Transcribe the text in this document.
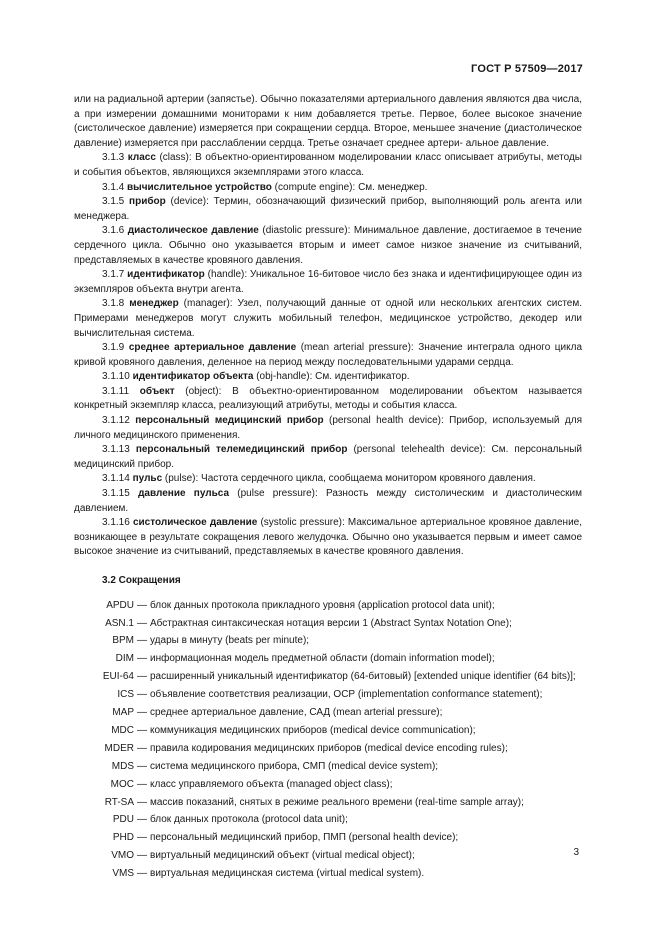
ГОСТ Р 57509—2017

или на радиальной артерии (запястье). Обычно показателями артериального давления являются два числа, а при измерении домашними мониторами к ним добавляется третье. Первое, более высокое значение (систолическое давление) измеряется при сокращении сердца. Второе, меньшее значение (диастолическое давление) измеряется при расслаблении сердца. Третье означает среднее артери- альное давление.

3.1.3 класс (class): В объектно-ориентированном моделировании класс описывает атрибуты, методы и события объектов, являющихся экземплярами этого класса.

3.1.4 вычислительное устройство (compute engine): См. менеджер.

3.1.5 прибор (device): Термин, обозначающий физический прибор, выполняющий роль агента или менеджера.

3.1.6 диастолическое давление (diastolic pressure): Минимальное давление, достигаемое в течение сердечного цикла. Обычно оно указывается вторым и имеет самое низкое значение из считываний, представляемых в качестве кровяного давления.

3.1.7 идентификатор (handle): Уникальное 16-битовое число без знака и идентифицирующее один из экземпляров объекта внутри агента.

3.1.8 менеджер (manager): Узел, получающий данные от одной или нескольких агентских систем. Примерами менеджеров могут служить мобильный телефон, медицинское устройство, декодер или вычислительная система.

3.1.9 среднее артериальное давление (mean arterial pressure): Значение интеграла одного цикла кривой кровяного давления, деленное на период между последовательными ударами сердца.

3.1.10 идентификатор объекта (obj-handle): См. идентификатор.

3.1.11 объект (object): В объектно-ориентированном моделировании объектом называется конкретный экземпляр класса, реализующий атрибуты, методы и события класса.

3.1.12 персональный медицинский прибор (personal health device): Прибор, используемый для личного медицинского применения.

3.1.13 персональный телемедицинский прибор (personal telehealth device): См. персональный медицинский прибор.

3.1.14 пульс (pulse): Частота сердечного цикла, сообщаема монитором кровяного давления.

3.1.15 давление пульса (pulse pressure): Разность между систолическим и диастолическим давлением.

3.1.16 систолическое давление (systolic pressure): Максимальное артериальное кровяное давление, возникающее в результате сокращения левого желудочка. Обычно оно указывается первым и имеет самое высокое значение из считываний, представляемых в качестве кровяного давления.

3.2 Сокращения
APDU — блок данных протокола прикладного уровня (application protocol data unit);
ASN.1 — Абстрактная синтаксическая нотация версии 1 (Abstract Syntax Notation One);
BPM — удары в минуту (beats per minute);
DIM — информационная модель предметной области (domain information model);
EUI-64 — расширенный уникальный идентификатор (64-битовый) [extended unique identifier (64 bits)];
ICS — объявление соответствия реализации, ОСР (implementation conformance statement);
MAP — среднее артериальное давление, САД (mean arterial pressure);
MDC — коммуникация медицинских приборов (medical device communication);
MDER — правила кодирования медицинских приборов (medical device encoding rules);
MDS — система медицинского прибора, СМП (medical device system);
MOC — класс управляемого объекта (managed object class);
RT-SA — массив показаний, снятых в режиме реального времени (real-time sample array);
PDU — блок данных протокола (protocol data unit);
PHD — персональный медицинский прибор, ПМП (personal health device);
VMO — виртуальный медицинский объект (virtual medical object);
VMS — виртуальная медицинская система (virtual medical system).
3
